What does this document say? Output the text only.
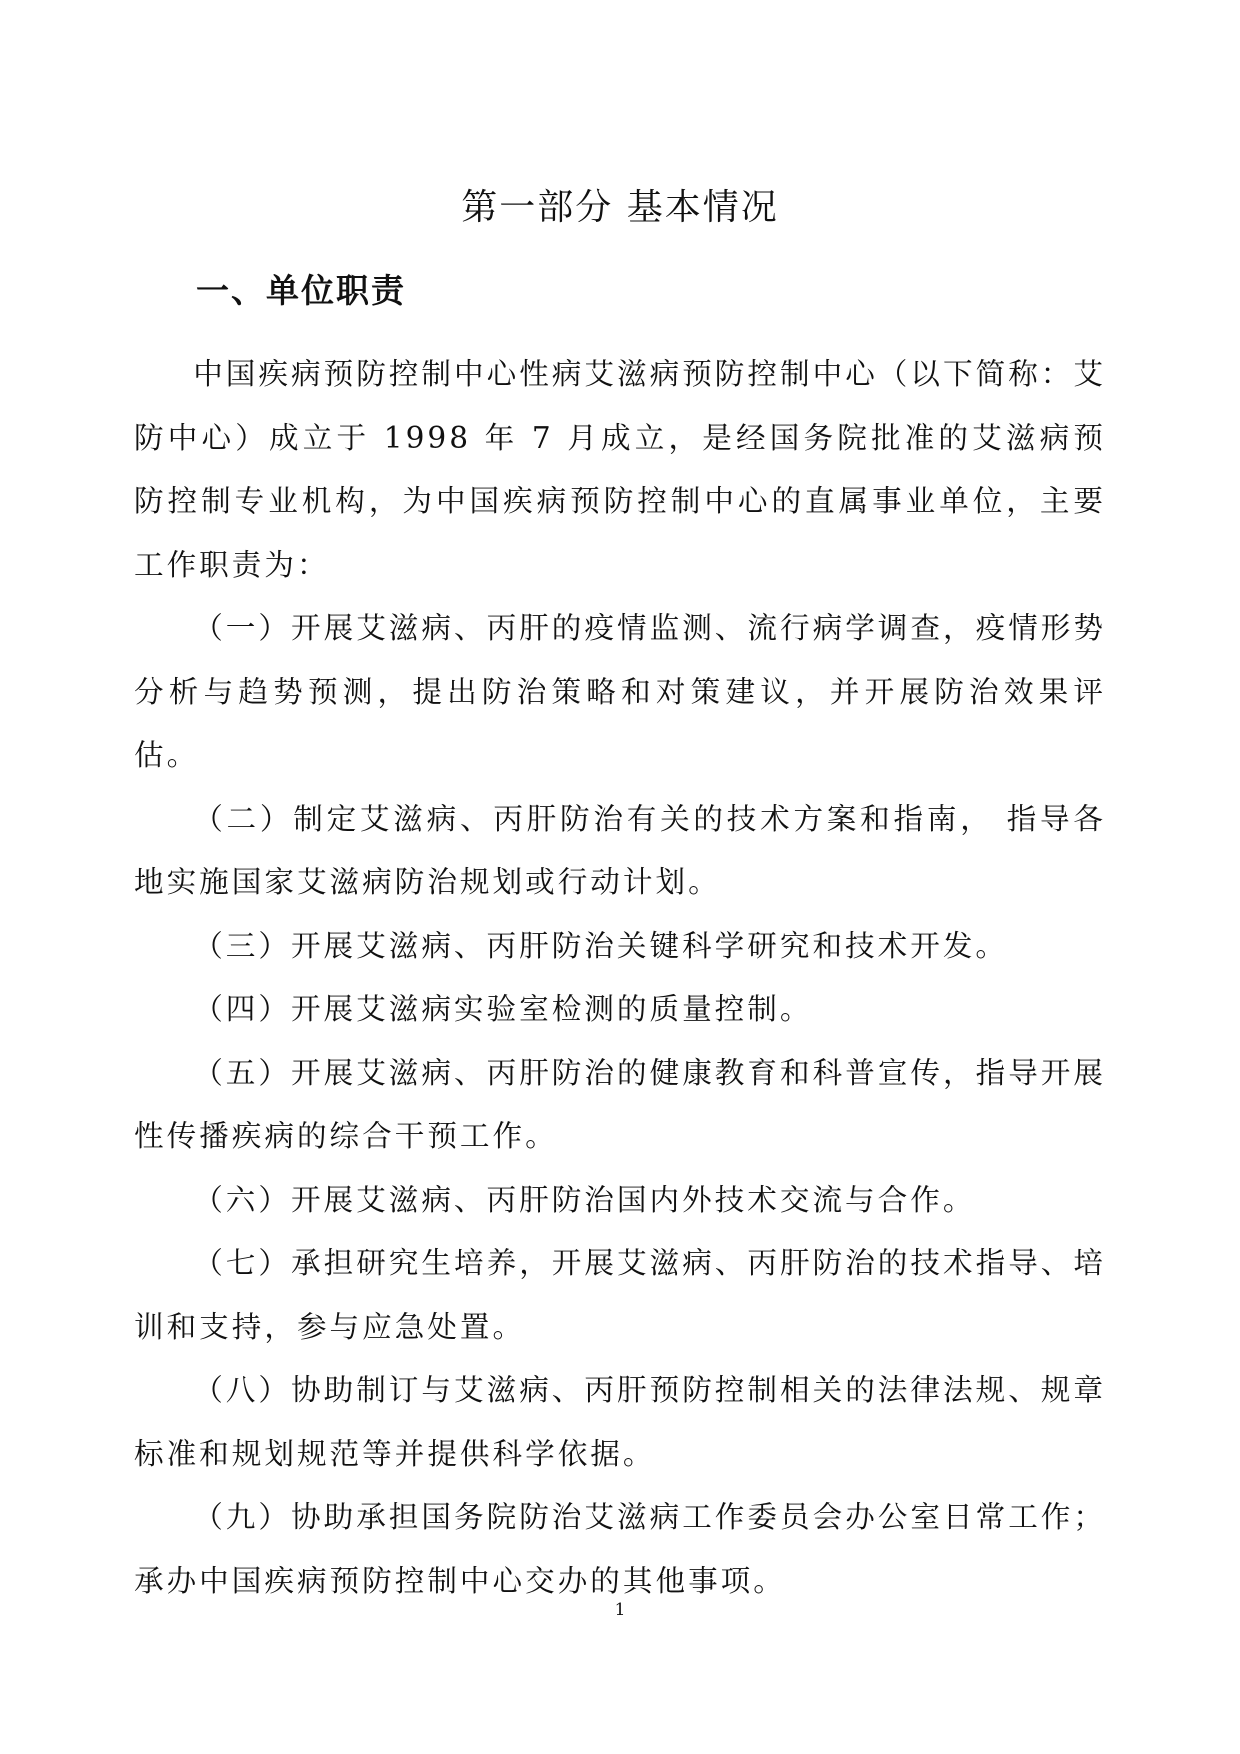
第一部分 基本情况
一、单位职责

中国疾病预防控制中心性病艾滋病预防控制中心（以下简称：艾防中心）成立于 1998 年 7 月成立，是经国务院批准的艾滋病预防控制专业机构，为中国疾病预防控制中心的直属事业单位，主要工作职责为：

（一）开展艾滋病、丙肝的疫情监测、流行病学调查，疫情形势分析与趋势预测，提出防治策略和对策建议，并开展防治效果评估。

（二）制定艾滋病、丙肝防治有关的技术方案和指南， 指导各地实施国家艾滋病防治规划或行动计划。

（三）开展艾滋病、丙肝防治关键科学研究和技术开发。

（四）开展艾滋病实验室检测的质量控制。

（五）开展艾滋病、丙肝防治的健康教育和科普宣传，指导开展性传播疾病的综合干预工作。

（六）开展艾滋病、丙肝防治国内外技术交流与合作。

（七）承担研究生培养，开展艾滋病、丙肝防治的技术指导、培训和支持，参与应急处置。

（八）协助制订与艾滋病、丙肝预防控制相关的法律法规、规章标准和规划规范等并提供科学依据。

（九）协助承担国务院防治艾滋病工作委员会办公室日常工作；承办中国疾病预防控制中心交办的其他事项。

1
